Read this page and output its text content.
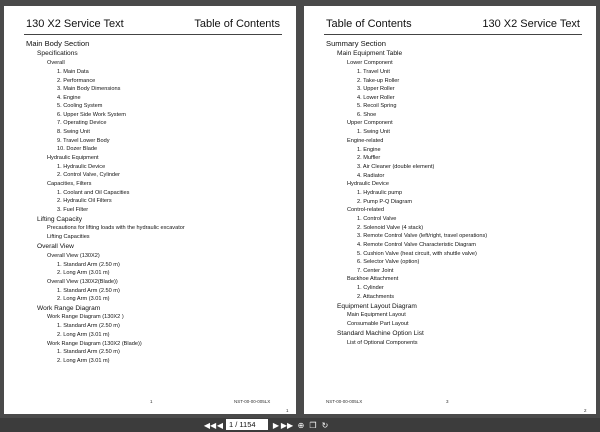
130 X2 Service Text	Table of Contents
Main Body Section
Specifications
Overall
1. Main Data
2. Performance
3. Main Body Dimensions
4. Engine
5. Cooling System
6. Upper Side Work System
7. Operating Device
8. Swing Unit
9. Travel Lower Body
10. Dozer Blade
Hydraulic Equipment
1. Hydraulic Device
2. Control Valve, Cylinder
Capacities, Filters
1. Coolant and Oil Capacities
2. Hydraulic Oil Filters
3. Fuel Filter
Lifting Capacity
Precautions for lifting loads with the hydraulic excavator
Lifting Capacities
Overall View
Overall View (130X2)
1. Standard Arm (2.50 m)
2. Long Arm (3.01 m)
Overall View (130X2(Blade))
1. Standard Arm (2.50 m)
2. Long Arm (3.01 m)
Work Range Diagram
Work Range Diagram (130X2 )
1. Standard Arm (2.50 m)
2. Long Arm (3.01 m)
Work Range Diagram (130X2 (Blade))
1. Standard Arm (2.50 m)
2. Long Arm (3.01 m)
1	NST-00-00-005LX
1
Table of Contents	130 X2 Service Text
Summary Section
Main Equipment Table
Lower Component
1. Travel Unit
2. Take-up Roller
3. Upper Roller
4. Lower Roller
5. Recoil Spring
6. Shoe
Upper Component
1. Swing Unit
Engine-related
1. Engine
2. Muffler
3. Air Cleaner (double element)
4. Radiator
Hydraulic Device
1. Hydraulic pump
2. Pump P-Q Diagram
Control-related
1. Control Valve
2. Solenoid Valve (4 stack)
3. Remote Control Valve (left/right, travel operations)
4. Remote Control Valve Characteristic Diagram
5. Cushion Valve (heat circuit, with shuttle valve)
6. Selector Valve (option)
7. Center Joint
Backhoe Attachment
1. Cylinder
2. Attachments
Equipment Layout Diagram
Main Equipment Layout
Consumable Part Layout
Standard Machine Option List
List of Optional Components
NST-00-00-005LX	3
2
◀◀ ◀ 1 / 1154	▶ ▶▶ ⊕ ❐ ↻
